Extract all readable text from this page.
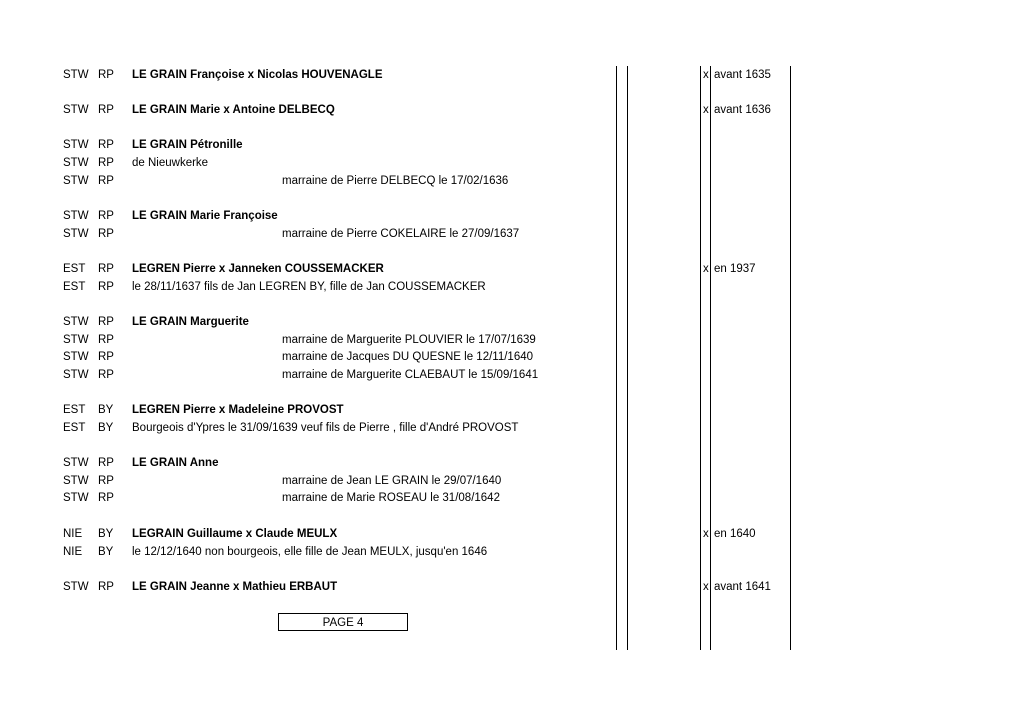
STW RP LE GRAIN Françoise x Nicolas HOUVENAGLE	x avant 1635
STW RP LE GRAIN Marie x Antoine DELBECQ	x avant 1636
STW RP LE GRAIN Pétronille
STW RP de Nieuwkerke
STW RP	marraine de Pierre DELBECQ le 17/02/1636
STW RP LE GRAIN Marie Françoise
STW RP	marraine de Pierre COKELAIRE le 27/09/1637
EST RP LEGREN Pierre x Janneken COUSSEMACKER	x en 1937
EST RP le 28/11/1637 fils de Jan LEGREN BY, fille de Jan COUSSEMACKER
STW RP LE GRAIN Marguerite
STW RP	marraine de Marguerite PLOUVIER le 17/07/1639
STW RP	marraine de Jacques DU QUESNE le 12/11/1640
STW RP	marraine de Marguerite CLAEBAUT le 15/09/1641
EST BY LEGREN Pierre x Madeleine PROVOST
EST BY Bourgeois d'Ypres le 31/09/1639 veuf fils de Pierre , fille d'André PROVOST
STW RP LE GRAIN Anne
STW RP	marraine de Jean LE GRAIN le 29/07/1640
STW RP	marraine de Marie ROSEAU le 31/08/1642
NIE BY LEGRAIN Guillaume x Claude MEULX	x en 1640
NIE BY le 12/12/1640 non bourgeois, elle fille de Jean MEULX, jusqu'en 1646
STW RP LE GRAIN Jeanne x Mathieu ERBAUT	x avant 1641
PAGE 4
